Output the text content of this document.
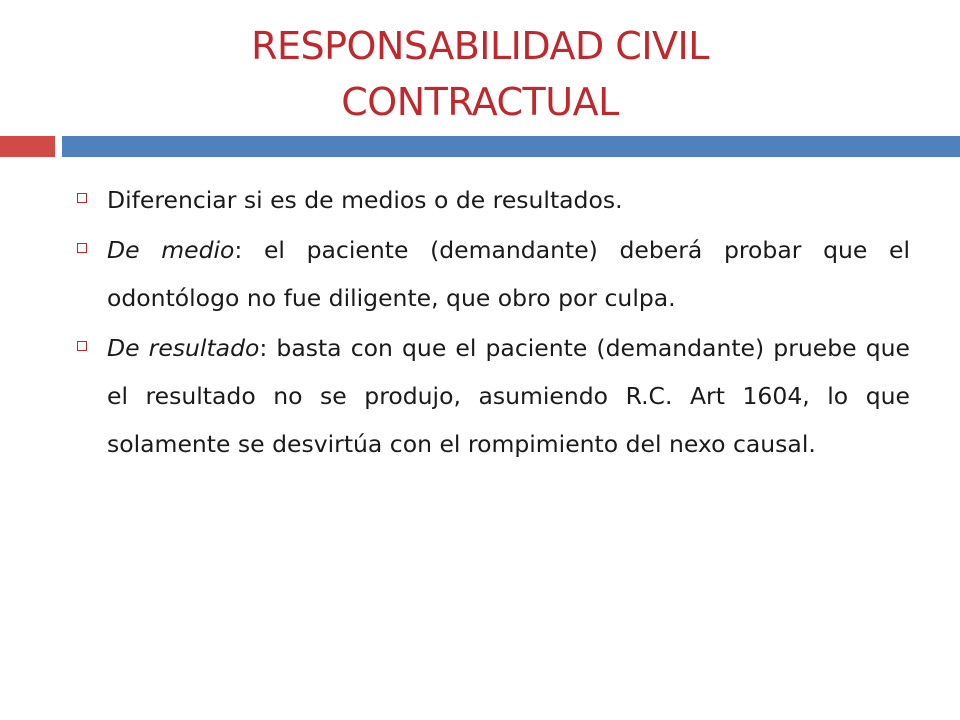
RESPONSABILIDAD CIVIL
CONTRACTUAL
Diferenciar si es de medios o de resultados.
De medio: el paciente (demandante) deberá probar que el odontólogo no fue diligente, que obro por culpa.
De resultado: basta con que el paciente (demandante) pruebe que el resultado no se produjo, asumiendo R.C. Art 1604, lo que solamente se desvirtúa con el rompimiento del nexo causal.
